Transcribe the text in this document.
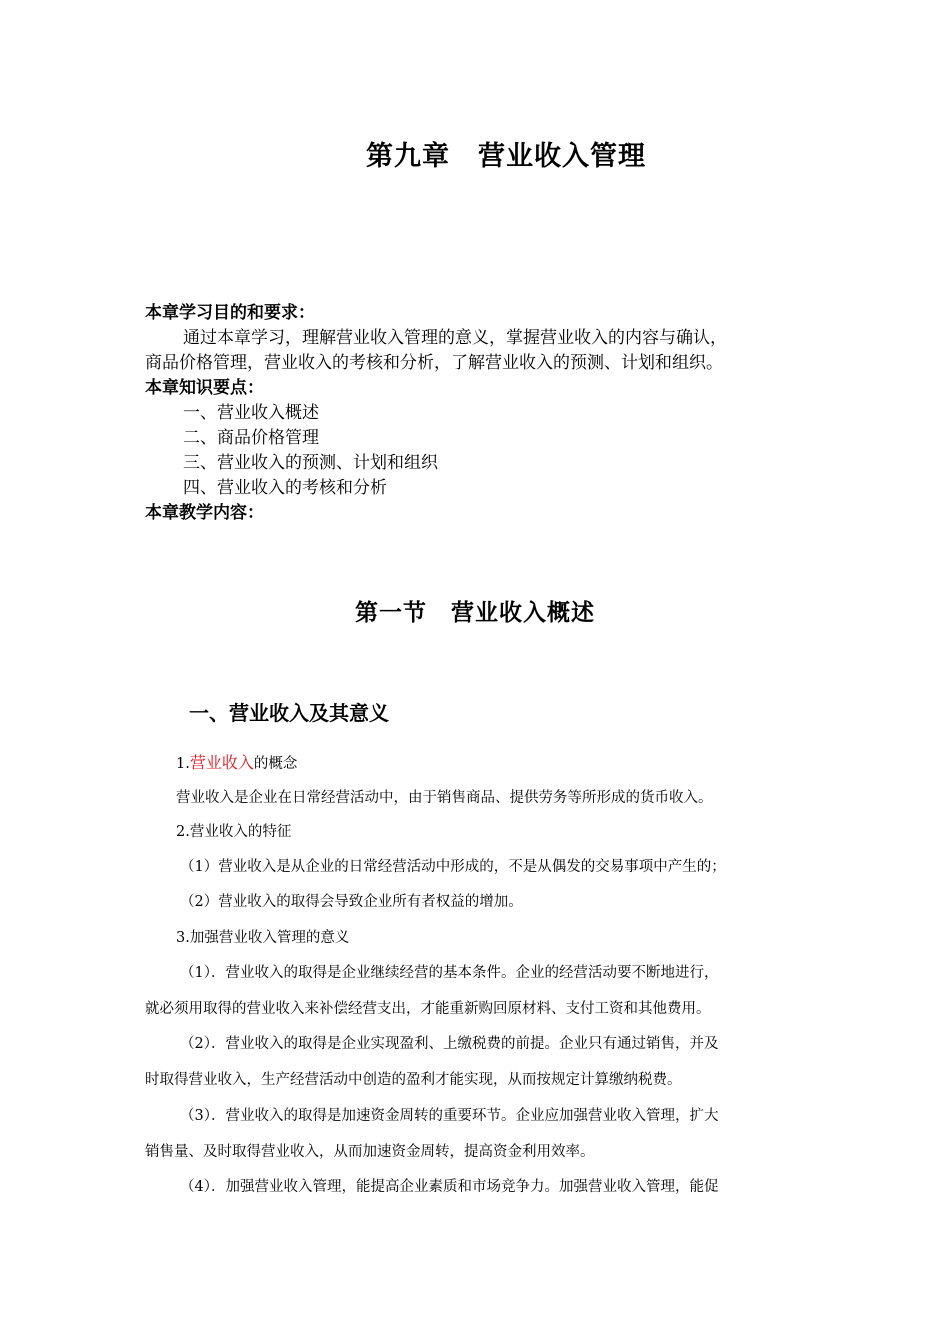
第九章　营业收入管理
本章学习目的和要求：
通过本章学习，理解营业收入管理的意义，掌握营业收入的内容与确认，
商品价格管理，营业收入的考核和分析，了解营业收入的预测、计划和组织。
本章知识要点：
一、营业收入概述
二、商品价格管理
三、营业收入的预测、计划和组织
四、营业收入的考核和分析
本章教学内容：
第一节　营业收入概述
一、营业收入及其意义
1.营业收入的概念
营业收入是企业在日常经营活动中，由于销售商品、提供劳务等所形成的货币收入。
2.营业收入的特征
（1）营业收入是从企业的日常经营活动中形成的，不是从偶发的交易事项中产生的；
（2）营业收入的取得会导致企业所有者权益的增加。
3.加强营业收入管理的意义
（1）．营业收入的取得是企业继续经营的基本条件。企业的经营活动要不断地进行，
就必须用取得的营业收入来补偿经营支出，才能重新购回原材料、支付工资和其他费用。
（2）．营业收入的取得是企业实现盈利、上缴税费的前提。企业只有通过销售，并及
时取得营业收入，生产经营活动中创造的盈利才能实现，从而按规定计算缴纳税费。
（3）．营业收入的取得是加速资金周转的重要环节。企业应加强营业收入管理，扩大
销售量、及时取得营业收入，从而加速资金周转，提高资金利用效率。
（4）．加强营业收入管理，能提高企业素质和市场竞争力。加强营业收入管理，能促
